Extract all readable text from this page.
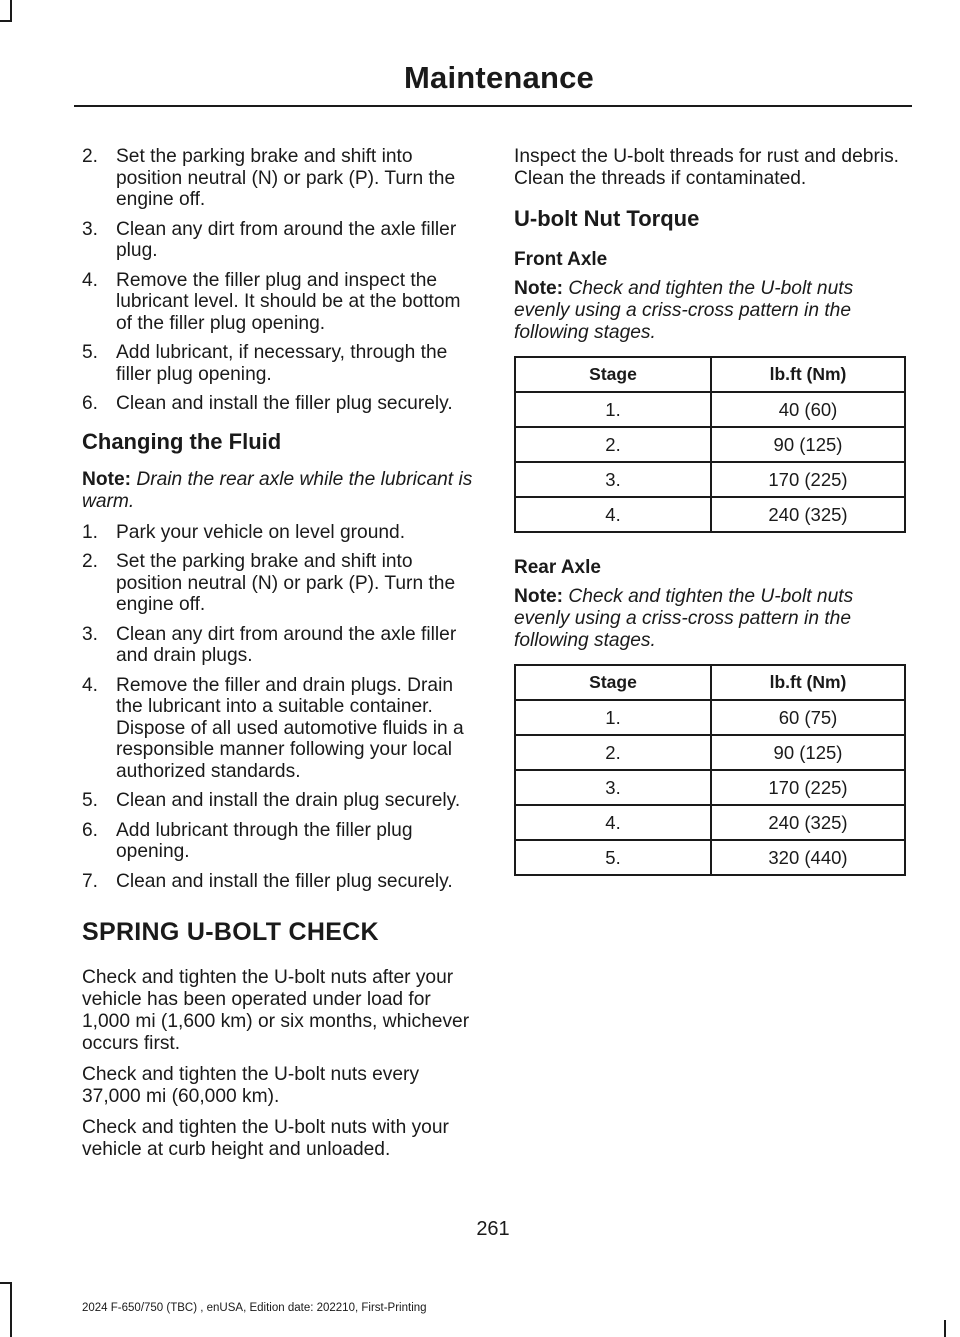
Maintenance
2. Set the parking brake and shift into position neutral (N) or park (P). Turn the engine off.
3. Clean any dirt from around the axle filler plug.
4. Remove the filler plug and inspect the lubricant level. It should be at the bottom of the filler plug opening.
5. Add lubricant, if necessary, through the filler plug opening.
6. Clean and install the filler plug securely.
Changing the Fluid

Note: Drain the rear axle while the lubricant is warm.

1. Park your vehicle on level ground.
2. Set the parking brake and shift into position neutral (N) or park (P). Turn the engine off.
3. Clean any dirt from around the axle filler and drain plugs.
4. Remove the filler and drain plugs. Drain the lubricant into a suitable container. Dispose of all used automotive fluids in a responsible manner following your local authorized standards.
5. Clean and install the drain plug securely.
6. Add lubricant through the filler plug opening.
7. Clean and install the filler plug securely.
SPRING U-BOLT CHECK

Check and tighten the U-bolt nuts after your vehicle has been operated under load for 1,000 mi (1,600 km) or six months, whichever occurs first.

Check and tighten the U-bolt nuts every 37,000 mi (60,000 km).

Check and tighten the U-bolt nuts with your vehicle at curb height and unloaded.

Inspect the U-bolt threads for rust and debris. Clean the threads if contaminated.

U-bolt Nut Torque
Front Axle

Note: Check and tighten the U-bolt nuts evenly using a criss-cross pattern in the following stages.

Stage	lb.ft (Nm)
1.	40 (60)
2.	90 (125)
3.	170 (225)
4.	240 (325)
Rear Axle

Note: Check and tighten the U-bolt nuts evenly using a criss-cross pattern in the following stages.

Stage	lb.ft (Nm)
1.	60 (75)
2.	90 (125)
3.	170 (225)
4.	240 (325)
5.	320 (440)
261
2024 F-650/750 (TBC) , enUSA, Edition date: 202210, First-Printing
